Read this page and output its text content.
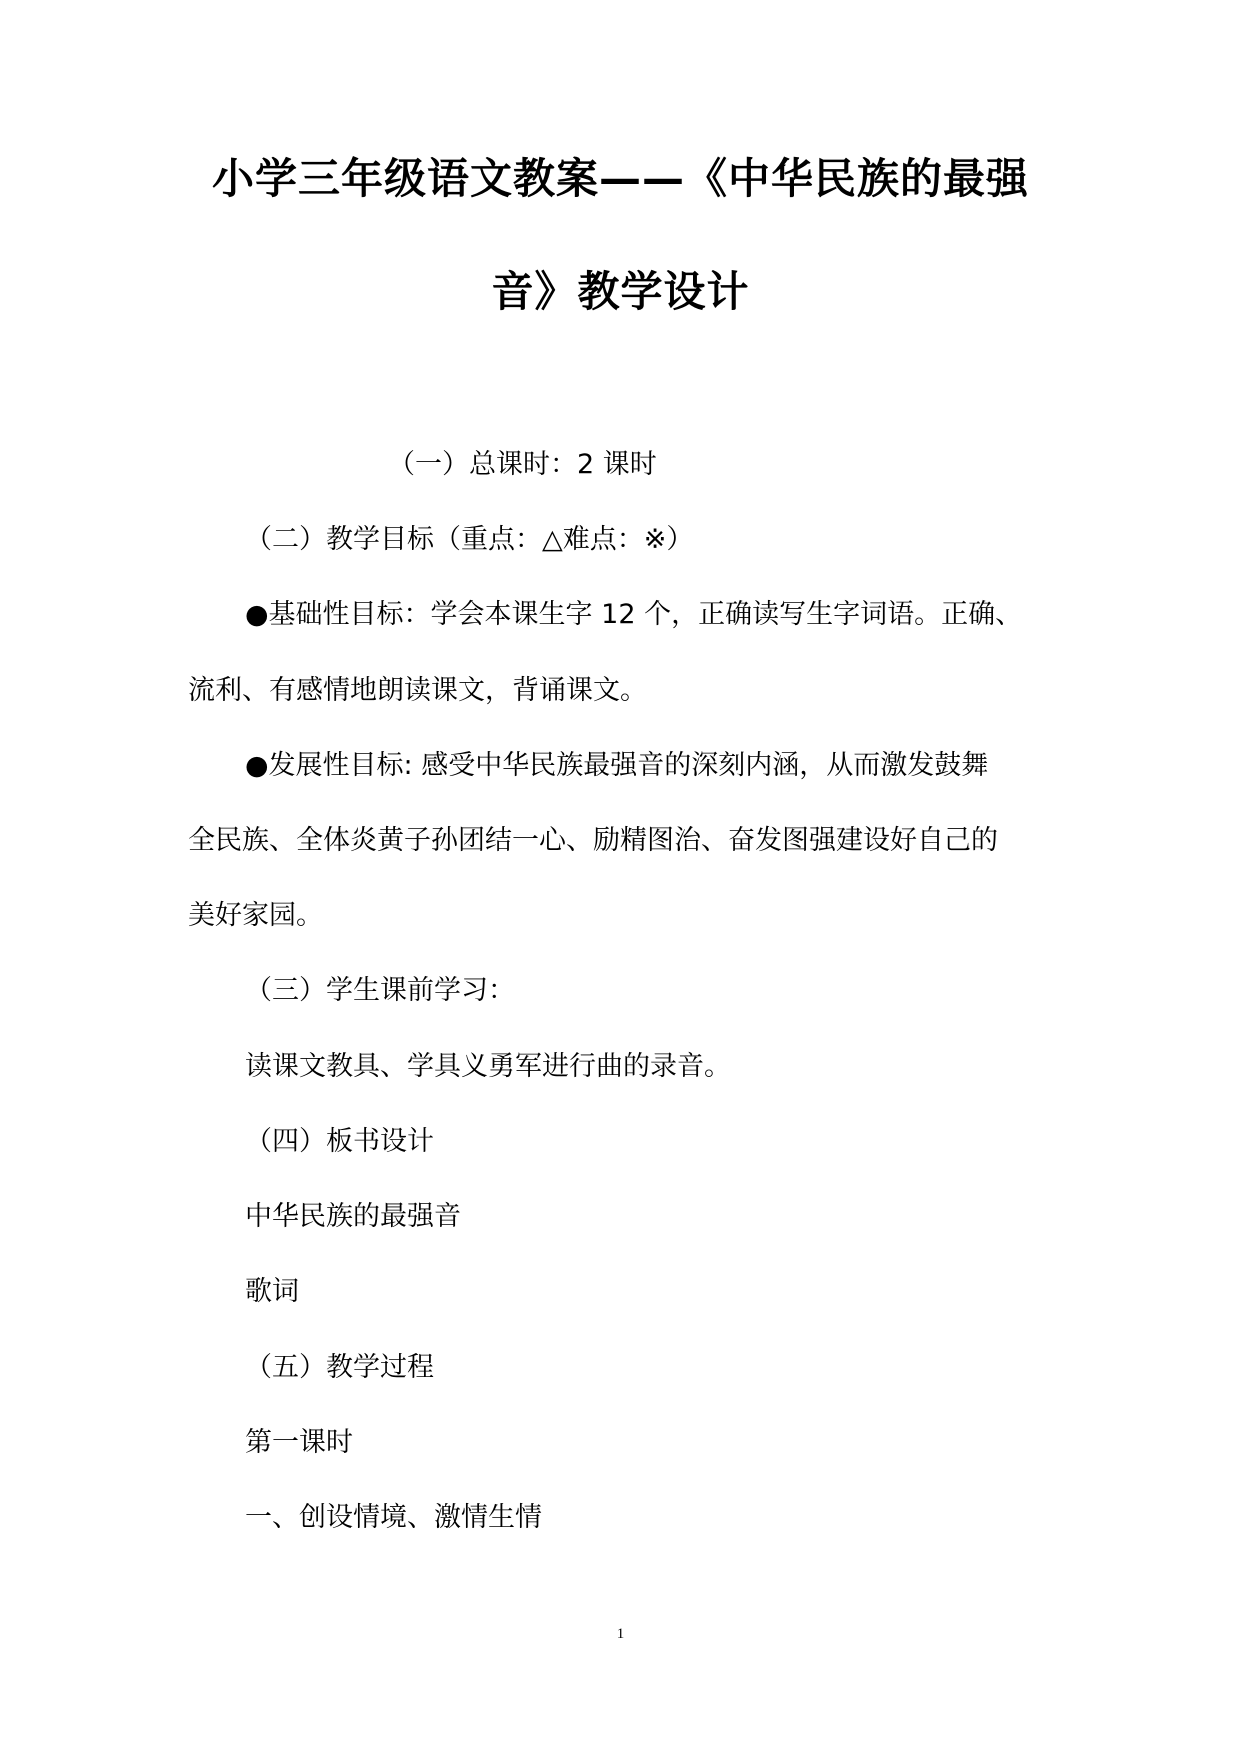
小学三年级语文教案——《中华民族的最强
音》教学设计
（一）总课时：2 课时
（二）教学目标（重点：△难点：※）
●基础性目标：学会本课生字 12 个，正确读写生字词语。正确、
流利、有感情地朗读课文，背诵课文。
●发展性目标: 感受中华民族最强音的深刻内涵，从而激发鼓舞
全民族、全体炎黄子孙团结一心、励精图治、奋发图强建设好自己的
美好家园。
（三）学生课前学习：
读课文教具、学具义勇军进行曲的录音。
（四）板书设计
中华民族的最强音
歌词
（五）教学过程
第一课时
一、创设情境、激情生情
1
